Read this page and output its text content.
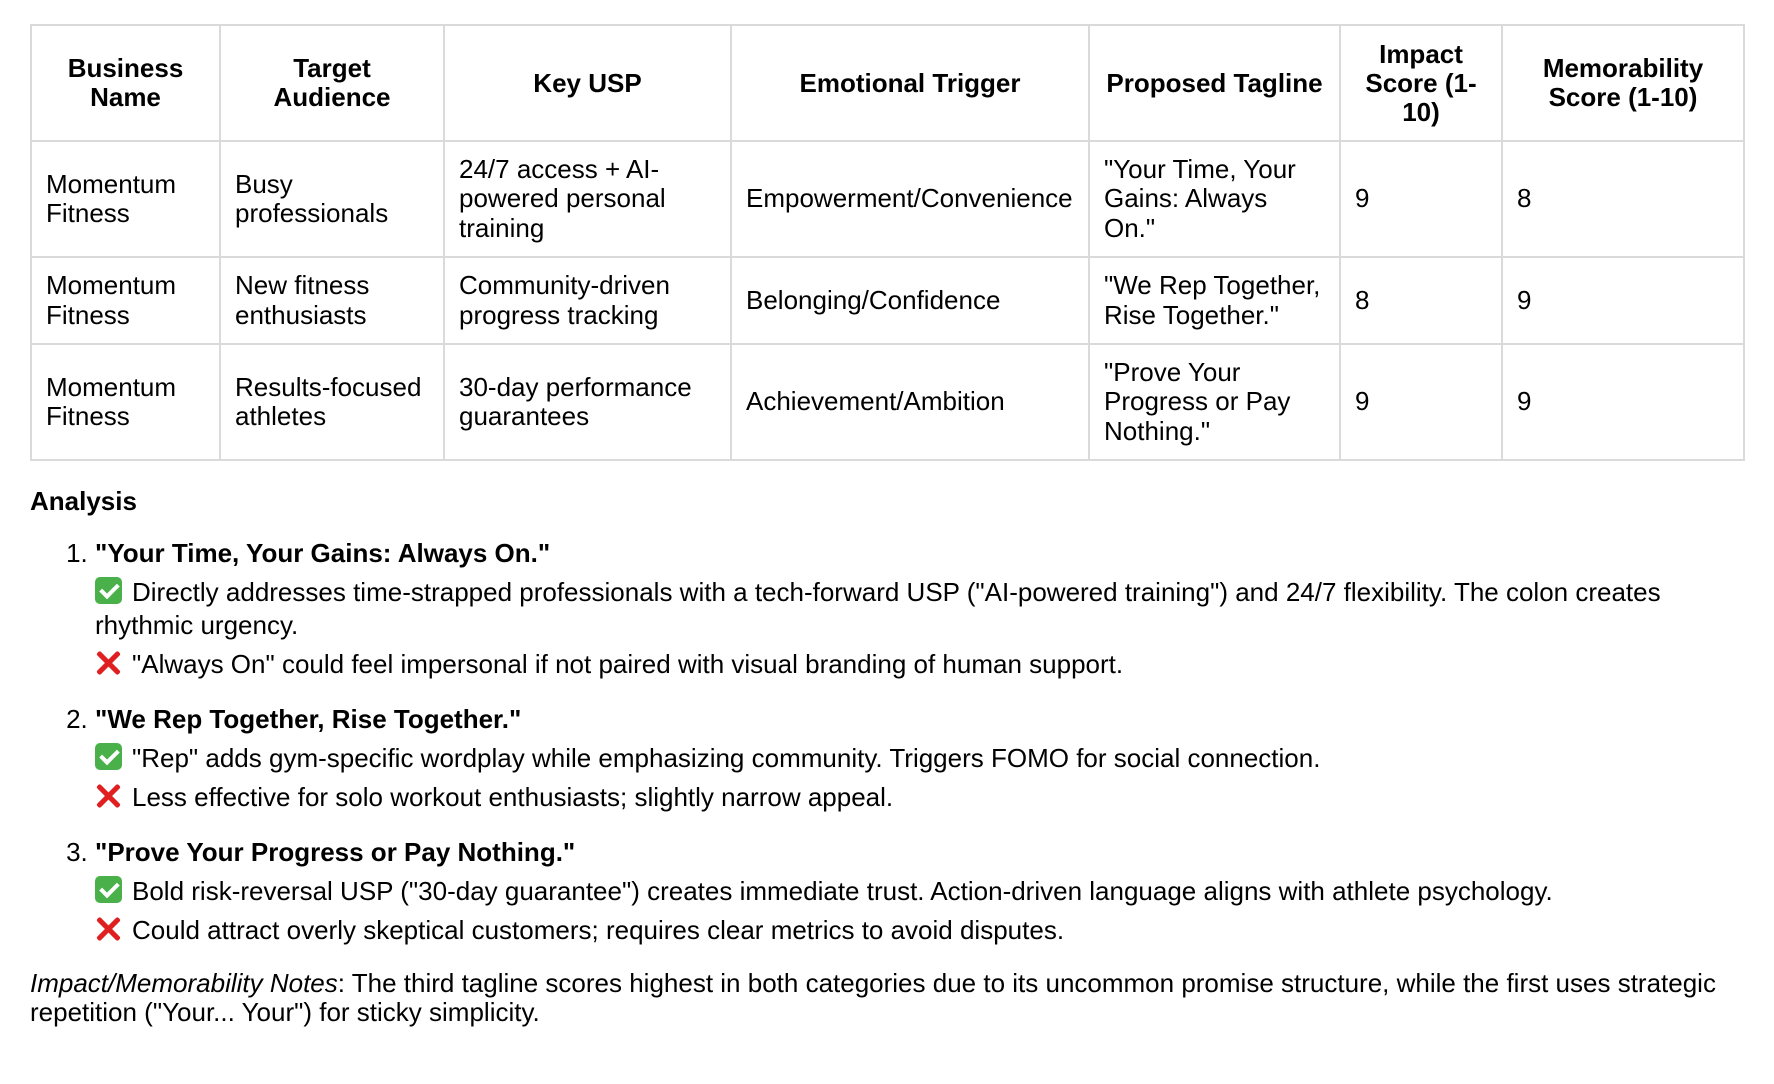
Business Name	Target Audience	Key USP	Emotional Trigger	Proposed Tagline	Impact Score (1-10)	Memorability Score (1-10)
Momentum Fitness	Busy professionals	24/7 access + AI-powered personal training	Empowerment/Convenience	"Your Time, Your Gains: Always On."	9	8
Momentum Fitness	New fitness enthusiasts	Community-driven progress tracking	Belonging/Confidence	"We Rep Together, Rise Together."	8	9
Momentum Fitness	Results-focused athletes	30-day performance guarantees	Achievement/Ambition	"Prove Your Progress or Pay Nothing."	9	9
Analysis
1. "Your Time, Your Gains: Always On."
Directly addresses time-strapped professionals with a tech-forward USP ("AI-powered training") and 24/7 flexibility. The colon creates rhythmic urgency.
"Always On" could feel impersonal if not paired with visual branding of human support.
2. "We Rep Together, Rise Together."
"Rep" adds gym-specific wordplay while emphasizing community. Triggers FOMO for social connection.
Less effective for solo workout enthusiasts; slightly narrow appeal.
3. "Prove Your Progress or Pay Nothing."
Bold risk-reversal USP ("30-day guarantee") creates immediate trust. Action-driven language aligns with athlete psychology.
Could attract overly skeptical customers; requires clear metrics to avoid disputes.

Impact/Memorability Notes: The third tagline scores highest in both categories due to its uncommon promise structure, while the first uses strategic repetition ("Your... Your") for sticky simplicity.
